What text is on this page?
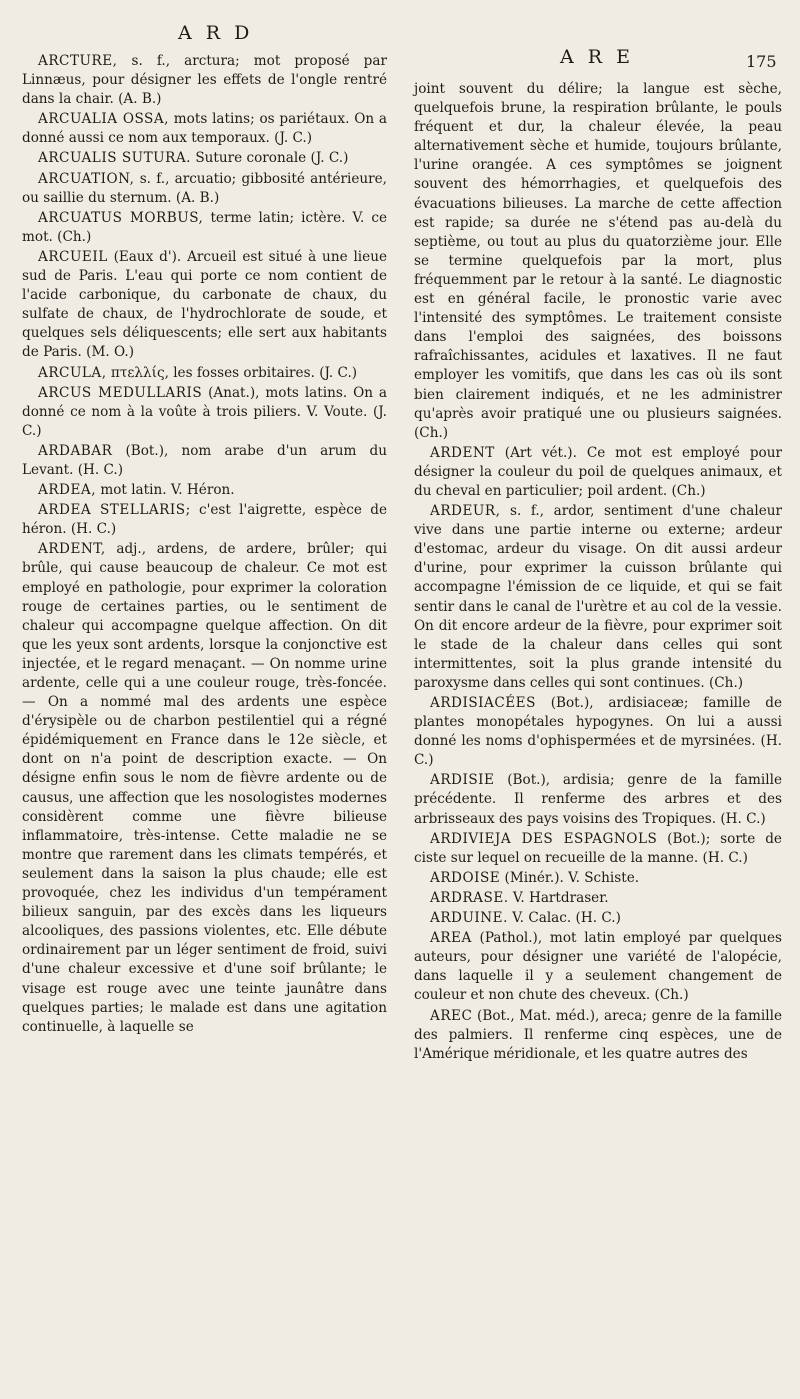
A R D
A R E	175

ARCTURE, s. f., arctura; mot proposé par Linnæus, pour désigner les effets de l'ongle rentré dans la chair. (A. B.)

ARCUALIA OSSA, mots latins; os pariétaux. On a donné aussi ce nom aux temporaux. (J. C.)

ARCUALIS SUTURA. Suture coronale (J. C.)

ARCUATION, s. f., arcuatio; gibbosité antérieure, ou saillie du sternum. (A. B.)

ARCUATUS MORBUS, terme latin; ictère. V. ce mot. (Ch.)

ARCUEIL (Eaux d'). Arcueil est situé à une lieue sud de Paris. L'eau qui porte ce nom contient de l'acide carbonique, du carbonate de chaux, du sulfate de chaux, de l'hydrochlorate de soude, et quelques sels déliquescents; elle sert aux habitants de Paris. (M. O.)

ARCULA, πτελλίς, les fosses orbitaires. (J. C.)

ARCUS MEDULLARIS (Anat.), mots latins. On a donné ce nom à la voûte à trois piliers. V. Voute. (J. C.)

ARDABAR (Bot.), nom arabe d'un arum du Levant. (H. C.)

ARDEA, mot latin. V. Héron.

ARDEA STELLARIS; c'est l'aigrette, espèce de héron. (H. C.)

ARDENT, adj., ardens, de ardere, brûler; qui brûle, qui cause beaucoup de chaleur. Ce mot est employé en pathologie, pour exprimer la coloration rouge de certaines parties, ou le sentiment de chaleur qui accompagne quelque affection. On dit que les yeux sont ardents, lorsque la conjonctive est injectée, et le regard menaçant. — On nomme urine ardente, celle qui a une couleur rouge, très-foncée. — On a nommé mal des ardents une espèce d'érysipèle ou de charbon pestilentiel qui a régné épidémiquement en France dans le 12e siècle, et dont on n'a point de description exacte. — On désigne enfin sous le nom de fièvre ardente ou de causus, une affection que les nosologistes modernes considèrent comme une fièvre bilieuse inflammatoire, très-intense. Cette maladie ne se montre que rarement dans les climats tempérés, et seulement dans la saison la plus chaude; elle est provoquée, chez les individus d'un tempérament bilieux sanguin, par des excès dans les liqueurs alcooliques, des passions violentes, etc. Elle débute ordinairement par un léger sentiment de froid, suivi d'une chaleur excessive et d'une soif brûlante; le visage est rouge avec une teinte jaunâtre dans quelques parties; le malade est dans une agitation continuelle, à laquelle se

joint souvent du délire; la langue est sèche, quelquefois brune, la respiration brûlante, le pouls fréquent et dur, la chaleur élevée, la peau alternativement sèche et humide, toujours brûlante, l'urine orangée. A ces symptômes se joignent souvent des hémorrhagies, et quelquefois des évacuations bilieuses. La marche de cette affection est rapide; sa durée ne s'étend pas au-delà du septième, ou tout au plus du quatorzième jour. Elle se termine quelquefois par la mort, plus fréquemment par le retour à la santé. Le diagnostic est en général facile, le pronostic varie avec l'intensité des symptômes. Le traitement consiste dans l'emploi des saignées, des boissons rafraîchissantes, acidules et laxatives. Il ne faut employer les vomitifs, que dans les cas où ils sont bien clairement indiqués, et ne les administrer qu'après avoir pratiqué une ou plusieurs saignées. (Ch.)

ARDENT (Art vét.). Ce mot est employé pour désigner la couleur du poil de quelques animaux, et du cheval en particulier; poil ardent. (Ch.)

ARDEUR, s. f., ardor, sentiment d'une chaleur vive dans une partie interne ou externe; ardeur d'estomac, ardeur du visage. On dit aussi ardeur d'urine, pour exprimer la cuisson brûlante qui accompagne l'émission de ce liquide, et qui se fait sentir dans le canal de l'urètre et au col de la vessie. On dit encore ardeur de la fièvre, pour exprimer soit le stade de la chaleur dans celles qui sont intermittentes, soit la plus grande intensité du paroxysme dans celles qui sont continues. (Ch.)

ARDISIACÉES (Bot.), ardisiaceæ; famille de plantes monopétales hypogynes. On lui a aussi donné les noms d'ophispermées et de myrsinées. (H. C.)

ARDISIE (Bot.), ardisia; genre de la famille précédente. Il renferme des arbres et des arbrisseaux des pays voisins des Tropiques. (H. C.)

ARDIVIEJA DES ESPAGNOLS (Bot.); sorte de ciste sur lequel on recueille de la manne. (H. C.)

ARDOISE (Minér.). V. Schiste.

ARDRASE. V. Hartdraser.

ARDUINE. V. Calac. (H. C.)

AREA (Pathol.), mot latin employé par quelques auteurs, pour désigner une variété de l'alopécie, dans laquelle il y a seulement changement de couleur et non chute des cheveux. (Ch.)

AREC (Bot., Mat. méd.), areca; genre de la famille des palmiers. Il renferme cinq espèces, une de l'Amérique méridionale, et les quatre autres des
